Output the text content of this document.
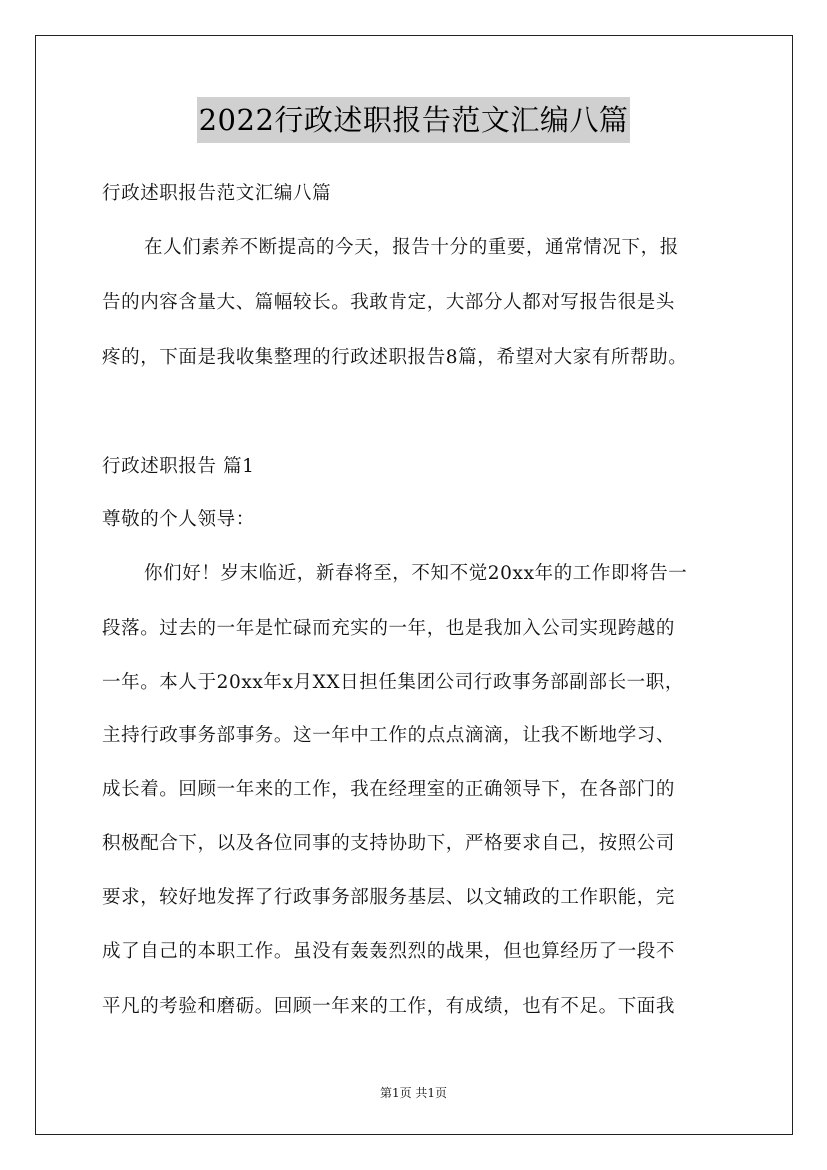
2022行政述职报告范文汇编八篇
行政述职报告范文汇编八篇
在人们素养不断提高的今天，报告十分的重要，通常情况下，报
告的内容含量大、篇幅较长。我敢肯定，大部分人都对写报告很是头
疼的，下面是我收集整理的行政述职报告8篇，希望对大家有所帮助。
行政述职报告 篇1
尊敬的个人领导：
你们好！岁末临近，新春将至，不知不觉20xx年的工作即将告一
段落。过去的一年是忙碌而充实的一年，也是我加入公司实现跨越的
一年。本人于20xx年x月XX日担任集团公司行政事务部副部长一职，
主持行政事务部事务。这一年中工作的点点滴滴，让我不断地学习、
成长着。回顾一年来的工作，我在经理室的正确领导下，在各部门的
积极配合下，以及各位同事的支持协助下，严格要求自己，按照公司
要求，较好地发挥了行政事务部服务基层、以文辅政的工作职能，完
成了自己的本职工作。虽没有轰轰烈烈的战果，但也算经历了一段不
平凡的考验和磨砺。回顾一年来的工作，有成绩，也有不足。下面我
第1页 共1页
